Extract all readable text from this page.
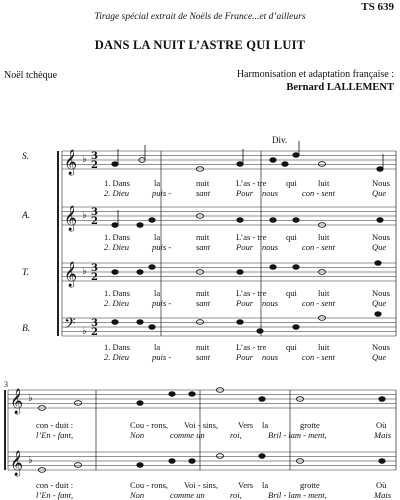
TS 639
Tirage spécial extrait de Noëls de France...et d’ailleurs
DANS LA NUIT L’ASTRE QUI LUIT
Noël tchèque	Harmonisation et adaptation française :
Bernard LALLEMENT
S.
A.
T.
B.
Div.
3
𝄞
𝄞
𝄞
𝄢
𝄞
𝄞
♭
♭
♭
♭
♭
♭
3
2
3
2
3
2
3
2
1. Dans	la	nuit	L’as - tre qui luit	Nous
2. Dieu	puis -	sant	Pour nous	con - sent	Que
1. Dans	la	nuit	L’as - tre qui luit	Nous
2. Dieu	puis -	sant	Pour nous	con - sent	Que
1. Dans	la	nuit	L’as - tre qui luit	Nous
2. Dieu	puis -	sant	Pour nous	con - sent	Que
1. Dans	la	nuit	L’as - tre qui luit	Nous
2. Dieu	puis -	sant	Pour nous	con - sent	Que
con - duit :	Cou - rons, Voi - sins, Vers la	grotte	Où
l’En - fant,	Non	comme un	roi,	Bril - lam - ment,	Mais
con - duit :	Cou - rons, Voi - sins, Vers la	grotte	Où
l’En - fant,	Non	comme un	roi,	Bril - lam - ment,	Mais
